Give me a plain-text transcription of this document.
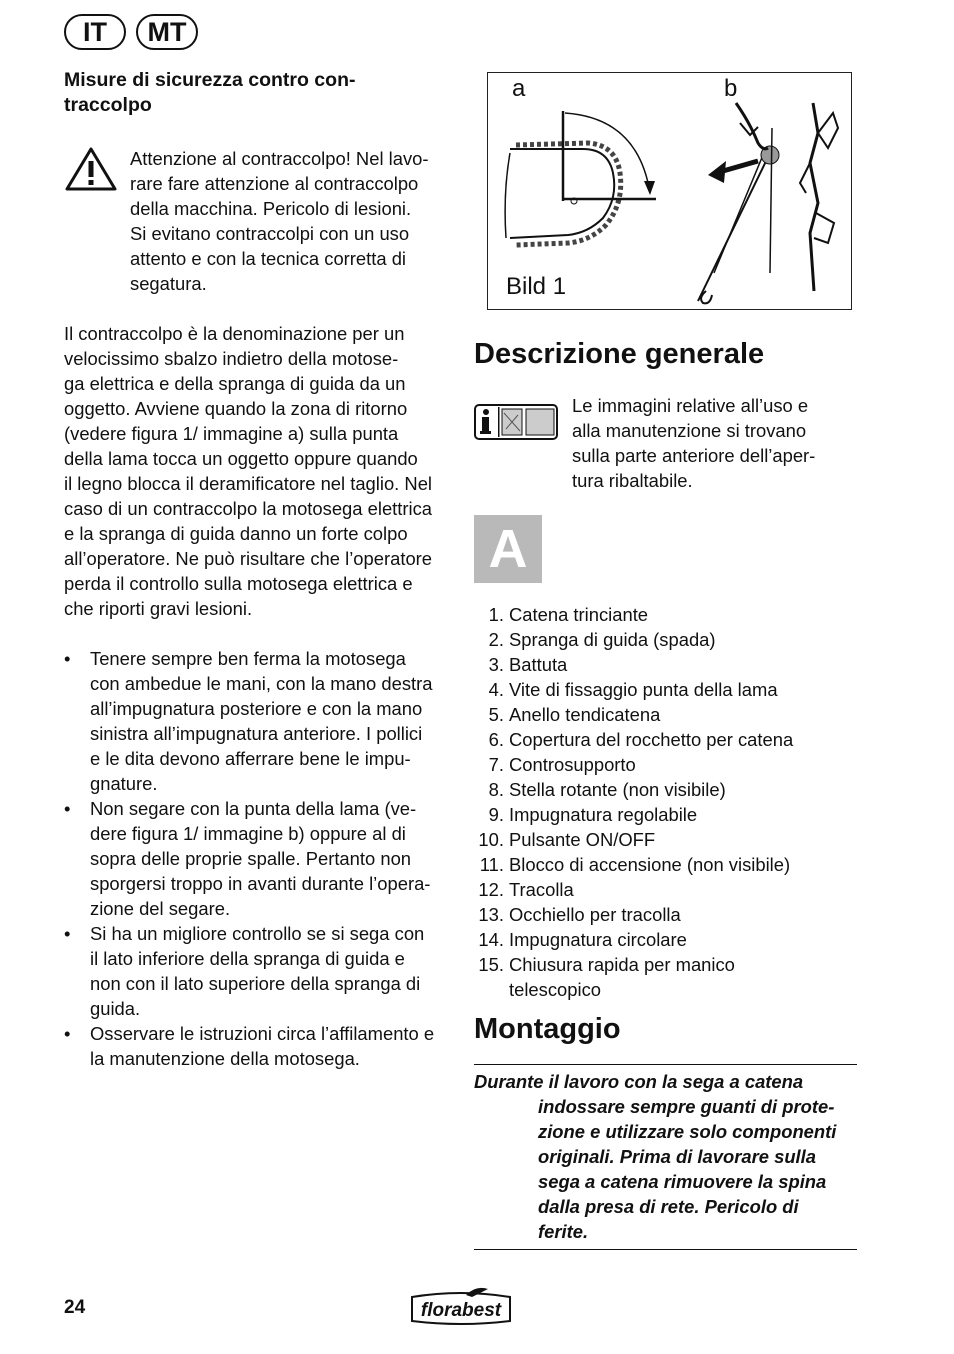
IT	MT
Misure di sicurezza contro con-
traccolpo
Attenzione al contraccolpo! Nel lavo-
rare fare attenzione al contraccolpo
della macchina. Pericolo di lesioni.
Si evitano contraccolpi con un uso
attento e con la tecnica corretta di
segatura.
Il contraccolpo è la denominazione per un
velocissimo sbalzo indietro della motose-
ga elettrica e della spranga di guida da un
oggetto. Avviene quando la zona di ritorno
(vedere figura 1/ immagine a) sulla punta
della lama tocca un oggetto oppure quando
il legno blocca il deramificatore nel taglio. Nel
caso di un contraccolpo la motosega elettrica
e la spranga di guida danno un forte colpo
all’operatore. Ne può risultare che l’operatore
perda il controllo sulla motosega elettrica e
che riporti gravi lesioni.
• Tenere sempre ben ferma la motosega
con ambedue le mani, con la mano destra
all’impugnatura posteriore e con la mano
sinistra all’impugnatura anteriore. I pollici
e le dita devono afferrare bene le impu-
gnature.
• Non segare con la punta della lama (ve-
dere figura 1/ immagine b) oppure al di
sopra delle proprie spalle. Pertanto non
sporgersi troppo in avanti durante l’opera-
zione del segare.
• Si ha un migliore controllo se si sega con
il lato inferiore della spranga di guida e
non con il lato superiore della spranga di
guida.
• Osservare le istruzioni circa l’affilamento e
la manutenzione della motosega.
a	b
Bild 1
Descrizione generale
Le immagini relative all’uso e
alla manutenzione si trovano
sulla parte anteriore dell’aper-
tura ribaltabile.
A
1. Catena trinciante
2. Spranga di guida (spada)
3. Battuta
4. Vite di fissaggio punta della lama
5. Anello tendicatena
6. Copertura del rocchetto per catena
7. Controsupporto
8. Stella rotante (non visibile)
9. Impugnatura regolabile
10. Pulsante ON/OFF
11. Blocco di accensione (non visibile)
12. Tracolla
13. Occhiello per tracolla
14. Impugnatura circolare
15. Chiusura rapida per manico
telescopico
Montaggio
Durante il lavoro con la sega a catena
indossare sempre guanti di prote-
zione e utilizzare solo componenti
originali. Prima di lavorare sulla
sega a catena rimuovere la spina
dalla presa di rete. Pericolo di
ferite.
24	florabest
